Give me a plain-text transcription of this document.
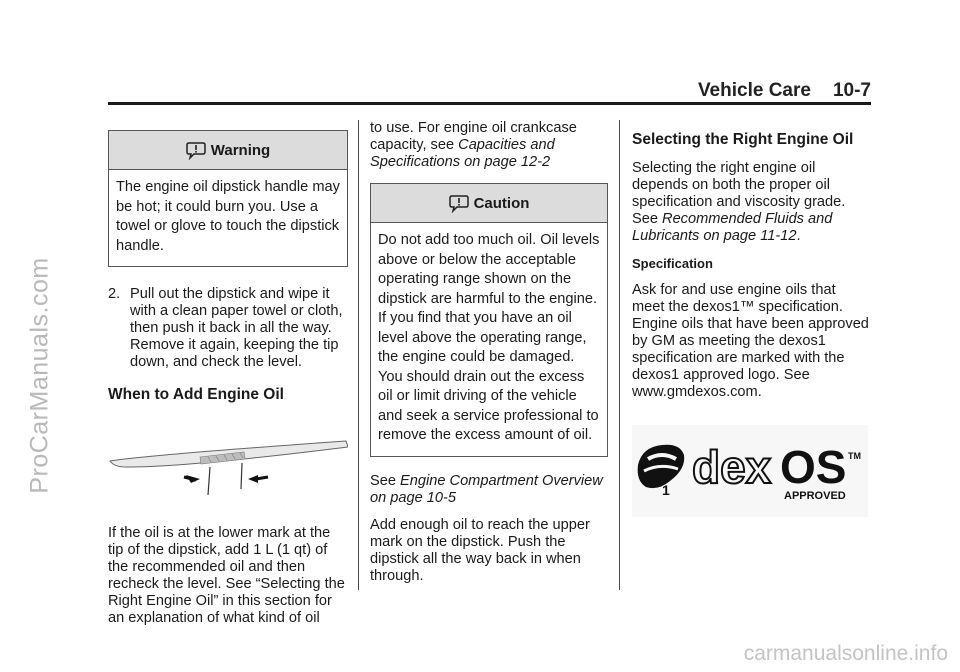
ProCarManuals.com
carmanualsonline.info
Vehicle Care 10-7
Warning
The engine oil dipstick handle may be hot; it could burn you. Use a towel or glove to touch the dipstick handle.
2. Pull out the dipstick and wipe it with a clean paper towel or cloth, then push it back in all the way. Remove it again, keeping the tip down, and check the level.
When to Add Engine Oil

If the oil is at the lower mark at the tip of the dipstick, add 1 L (1 qt) of the recommended oil and then recheck the level. See “Selecting the Right Engine Oil” in this section for an explanation of what kind of oil

to use. For engine oil crankcase capacity, see Capacities and Specifications on page 12-2

Caution
Do not add too much oil. Oil levels above or below the acceptable operating range shown on the dipstick are harmful to the engine. If you find that you have an oil level above the operating range, the engine could be damaged. You should drain out the excess oil or limit driving of the vehicle and seek a service professional to remove the excess amount of oil.

See Engine Compartment Overview on page 10-5

Add enough oil to reach the upper mark on the dipstick. Push the dipstick all the way back in when through.

Selecting the Right Engine Oil

Selecting the right engine oil depends on both the proper oil specification and viscosity grade. See Recommended Fluids and Lubricants on page 11-12.

Specification

Ask for and use engine oils that meet the dexos1™ specification. Engine oils that have been approved by GM as meeting the dexos1 specification are marked with the dexos1 approved logo. See www.gmdexos.com.

1 dex OS TM
APPROVED
